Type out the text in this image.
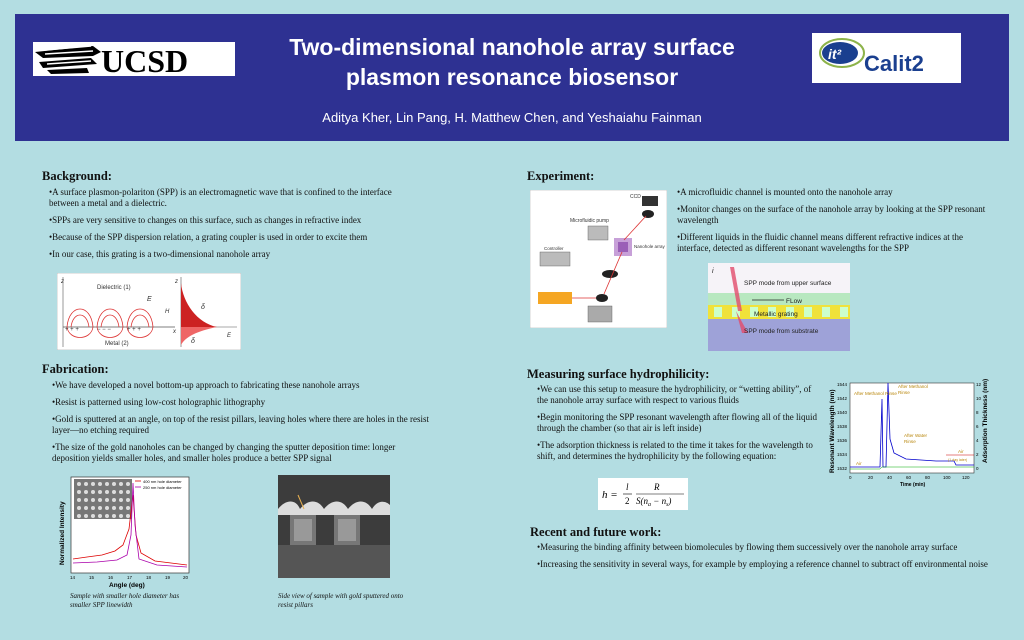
UCSD	Two-dimensional nanohole array surface
plasmon resonance biosensor
Aditya Kher, Lin Pang, H. Matthew Chen, and Yeshaiahu Fainman
it² Calit2
Background:

•A surface plasmon-polariton (SPP) is an electromagnetic wave that is confined to the interface between a metal and a dielectric.

•SPPs are very sensitive to changes on this surface, such as changes in refractive index

•Because of the SPP dispersion relation, a grating coupler is used in order to excite them

•In our case, this grating is a two-dimensional nanohole array

+ + +	− − −	+ + +
Dielectric (1)
Metal (2)
E
H
z
x
δ
δ
E
z
Fabrication:

•We have developed a novel bottom-up approach to fabricating these nanohole arrays

•Resist is patterned using low-cost holographic lithography

•Gold is sputtered at an angle, on top of the resist pillars, leaving holes where there are holes in the resist layer—no etching required

•The size of the gold nanoholes can be changed by changing the sputter deposition time: longer deposition yields smaller holes, and smaller holes produce a better SPP signal

400 nm hole diameter
250 nm hole diameter
Normalized Intensity
14	15	16	17	18	19	20
Angle (deg)
Sample with smaller hole diameter has smaller SPP linewidth
Side view of sample with gold sputtered onto resist pillars
Experiment:
CCD
Microfluidic pump
Nanohole array
Controller

•A microfluidic channel is mounted onto the nanohole array

•Monitor changes on the surface of the nanohole array by looking at the SPP resonant wavelength

•Different liquids in the fluidic channel means different refractive indices at the interface, detected as different resonant wavelengths for the SPP

i
SPP mode from upper surface
FLow
Metallic grating
SPP mode from substrate
Measuring surface hydrophilicity:

•We can use this setup to measure the hydrophilicity, or “wetting ability”, of the nanohole array surface with respect to various fluids

•Begin monitoring the SPP resonant wavelength after flowing all of the liquid through the chamber (so that air is left inside)

•The adsorption thickness is related to the time it takes for the wavelength to shift, and determines the hydrophilicity by the following equation:

h =
l
2
R
$S(n_a - n_s)$
Resonant Wavelength (nm)	Adsorption Thickness (nm)
1544
1542
1540
1538
1536
1534
1532
12
10
8
6
4
2
0
0	20	40	60	80	100	120
Time (min)
After Methanol Rinse
After Methanol
Rinse
After Water
Rinse
Air
Air
(1 day later)
Recent and future work:

•Measuring the binding affinity between biomolecules by flowing them successively over the nanohole array surface

•Increasing the sensitivity in several ways, for example by employing a reference channel to subtract off environmental noise
